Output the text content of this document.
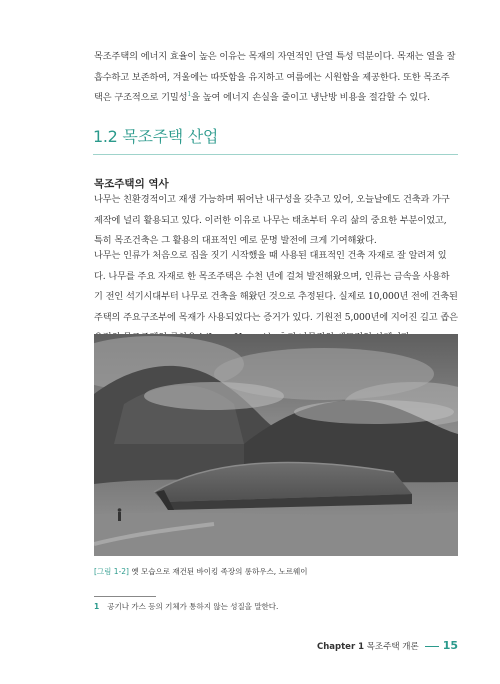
목조주택의 에너지 효율이 높은 이유는 목재의 자연적인 단열 특성 덕분이다. 목재는 열을 잘
흡수하고 보존하여, 겨울에는 따뜻함을 유지하고 여름에는 시원함을 제공한다. 또한 목조주
택은 구조적으로 기밀성$^1$을 높여 에너지 손실을 줄이고 냉난방 비용을 절감할 수 있다.
1.2 목조주택 산업
목조주택의 역사
나무는 친환경적이고 재생 가능하며 뛰어난 내구성을 갖추고 있어, 오늘날에도 건축과 가구
제작에 널리 활용되고 있다. 이러한 이유로 나무는 태초부터 우리 삶의 중요한 부분이었고,
특히 목조건축은 그 활용의 대표적인 예로 문명 발전에 크게 기여해왔다.
나무는 인류가 처음으로 집을 짓기 시작했을 때 사용된 대표적인 건축 자재로 잘 알려져 있
다. 나무를 주요 자재로 한 목조주택은 수천 년에 걸쳐 발전해왔으며, 인류는 금속을 사용하
기 전인 석기시대부터 나무로 건축을 해왔던 것으로 추정된다. 실제로 10,000년 전에 건축된
주택의 주요구조부에 목재가 사용되었다는 증거가 있다. 기원전 5,000년에 지어진 길고 좁은

[그림 1-2] 옛 모습으로 재건된 바이킹 족장의 롱하우스, 노르웨이

1 공기나 가스 등의 기체가 통하지 않는 성질을 말한다.

Chapter 1 목조주택 개론 15
